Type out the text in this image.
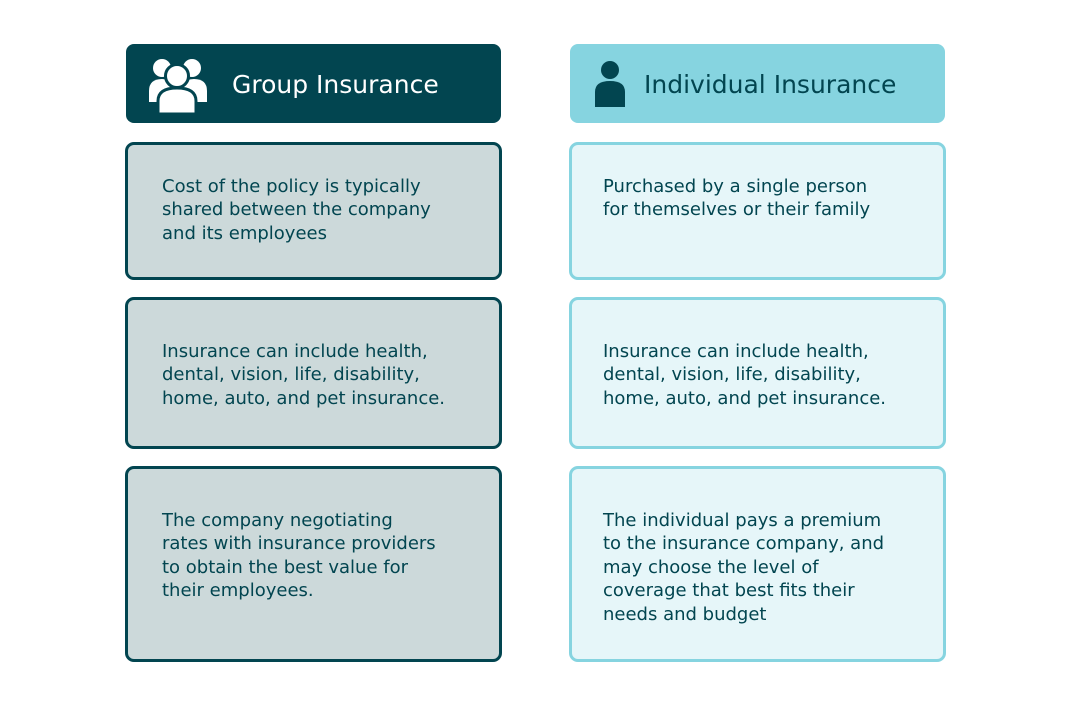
Group Insurance	Individual Insurance

Cost of the policy is typically
shared between the company
and its employees

Insurance can include health,
dental, vision, life, disability,
home, auto, and pet insurance.

The company negotiating
rates with insurance providers
to obtain the best value for
their employees.

Purchased by a single person
for themselves or their family

Insurance can include health,
dental, vision, life, disability,
home, auto, and pet insurance.

The individual pays a premium
to the insurance company, and
may choose the level of
coverage that best fits their
needs and budget
